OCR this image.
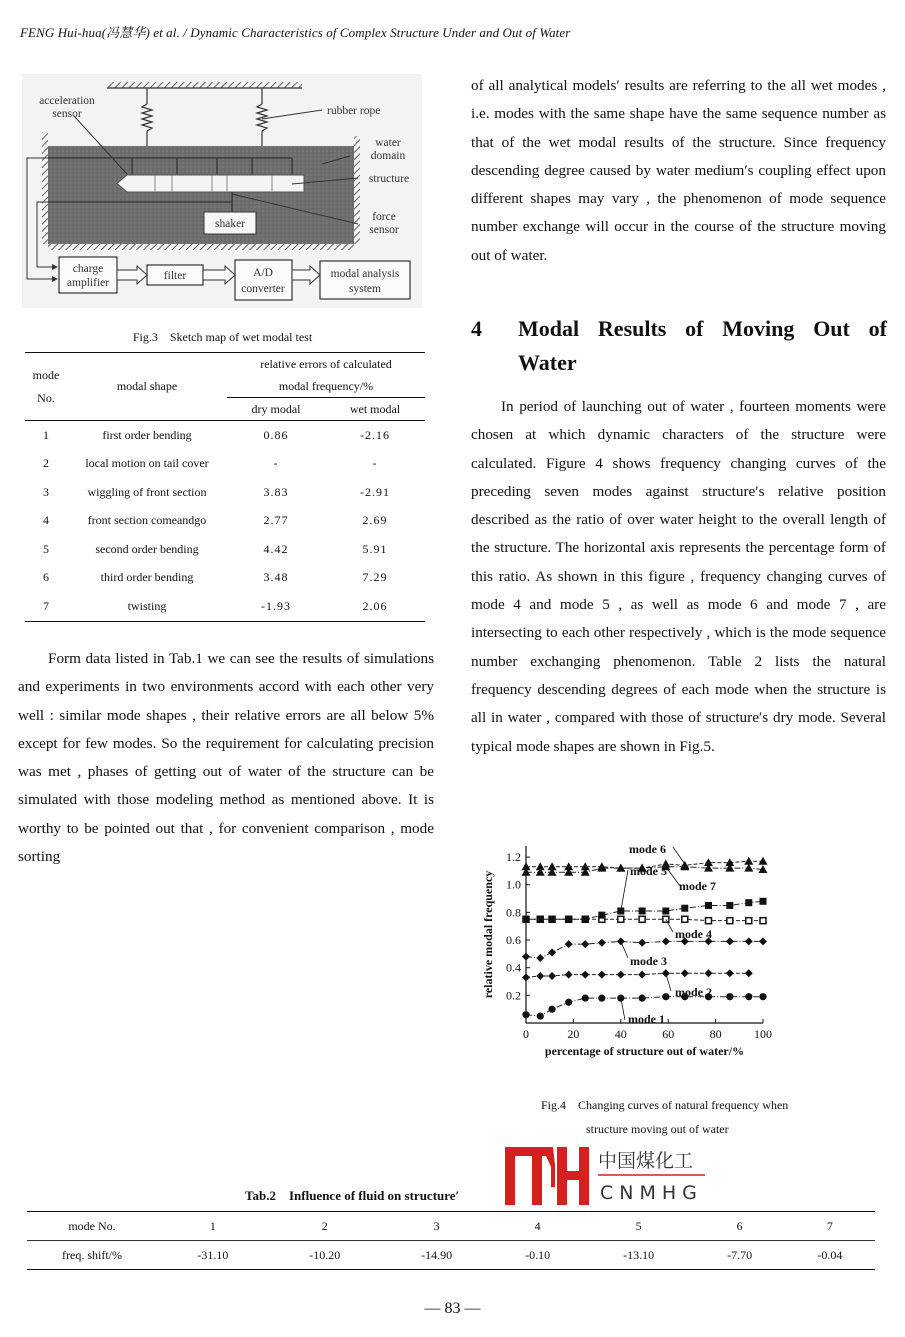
FENG Hui-hua(冯慧华) et al. / Dynamic Characteristics of Complex Structure Under and Out of Water
shaker
acceleration
sensor	rubber rope
water
domain
structure
force
sensor
charge
amplifier
filter	A/D
converter
modal analysis
system
Fig.3    Sketch map of wet modal test
mode
No.	modal shape	relative errors of calculated	
		modal frequency/%	
		dry modal	wet modal
1	first order bending	0.86	-2.16
2	local motion on tail cover	-	-
3	wiggling of front section	3.83	-2.91
4	front section comeandgo	2.77	2.69
5	second order bending	4.42	5.91
6	third order bending	3.48	7.29
7	twisting	-1.93	2.06
Form data listed in Tab.1 we can see the results of simulations and experiments in two environments accord with each other very well : similar mode shapes , their relative errors are all below 5% except for few modes. So the requirement for calculating precision was met , phases of getting out of water of the structure can be simulated with those modeling method as mentioned above. It is worthy to be pointed out that , for convenient comparison , mode sorting
of all analytical models′ results are referring to the all wet modes , i.e. modes with the same shape have the same sequence number as that of the wet modal results of the structure. Since frequency descending degree caused by water medium′s coupling effect upon different shapes may vary , the phenomenon of mode sequence number exchange will occur in the course of the structure moving out of water.
4 Modal Results of Moving Out of Water
In period of launching out of water , fourteen moments were chosen at which dynamic characters of the structure were calculated. Figure 4 shows frequency changing curves of the preceding seven modes against structure′s relative position described as the ratio of over water height to the overall length of the structure. The horizontal axis represents the percentage form of this ratio. As shown in this figure , frequency changing curves of mode 4 and mode 5 , as well as mode 6 and mode 7 , are intersecting to each other respectively , which is the mode sequence number exchanging phenomenon. Table 2 lists the natural frequency descending degrees of each mode when the structure is all in water , compared with those of structure′s dry mode. Several typical mode shapes are shown in Fig.5.
0.2
0.4
0.6
0.8
1.0
1.2
0	20	40	60	80	100
percentage of structure out of water/%
relative modal frequency
mode 1
mode 2
mode 3
mode 4
mode 5
mode 6
mode 7
Fig.4    Changing curves of natural frequency when
structure moving out of water
中国煤化工
CNMHG
Tab.2    Influence of fluid on structure′
mode No.	1	2	3	4	5	6	7
freq. shift/%	-31.10	-10.20	-14.90	-0.10	-13.10	-7.70	-0.04
— 83 —
